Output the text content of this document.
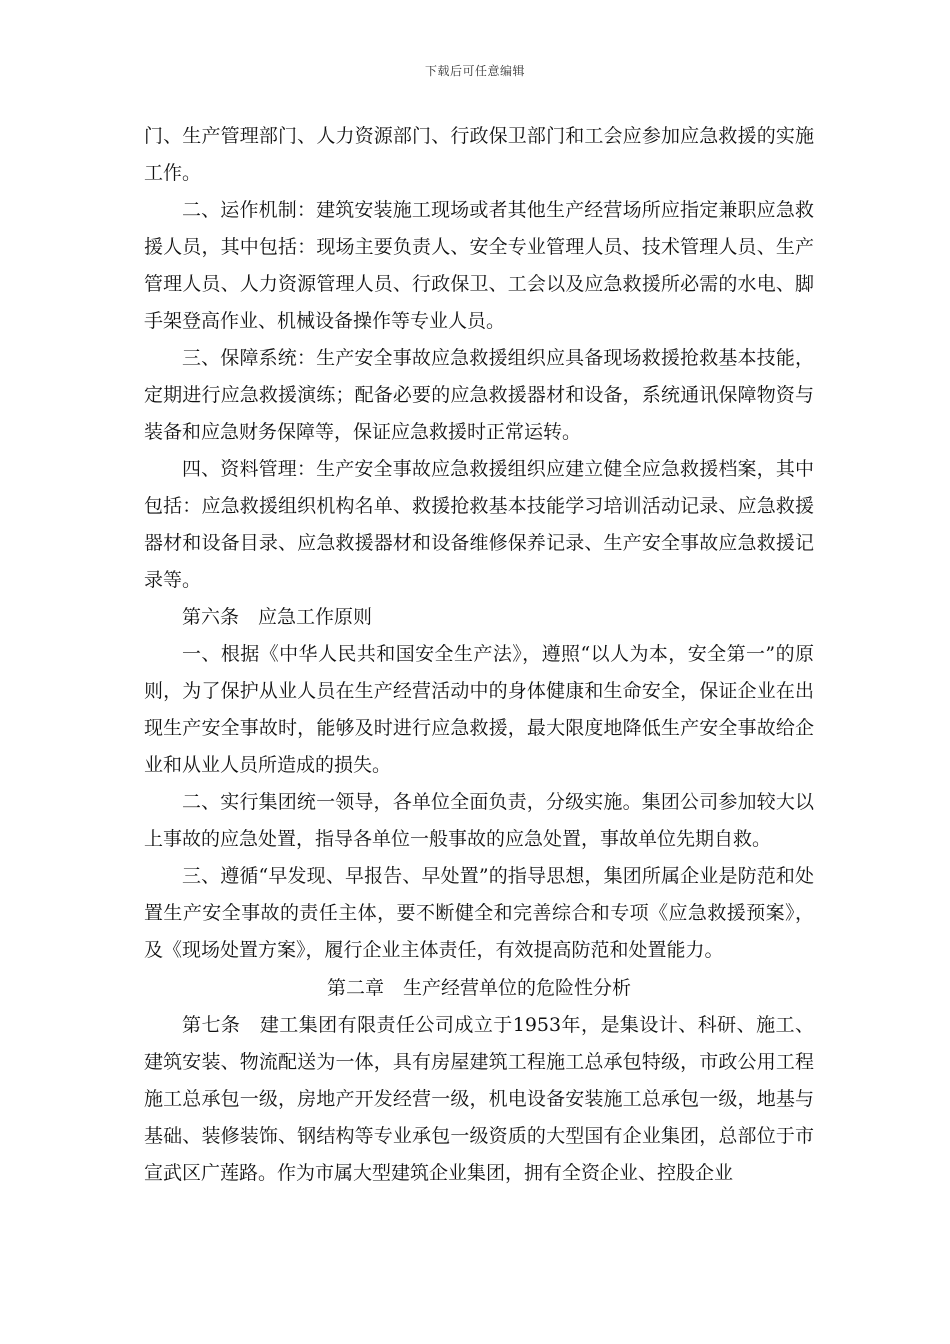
下载后可任意编辑

门、生产管理部门、人力资源部门、行政保卫部门和工会应参加应急救援的实施工作。

二、运作机制：建筑安装施工现场或者其他生产经营场所应指定兼职应急救援人员，其中包括：现场主要负责人、安全专业管理人员、技术管理人员、生产管理人员、人力资源管理人员、行政保卫、工会以及应急救援所必需的水电、脚手架登高作业、机械设备操作等专业人员。

三、保障系统：生产安全事故应急救援组织应具备现场救援抢救基本技能，定期进行应急救援演练；配备必要的应急救援器材和设备，系统通讯保障物资与装备和应急财务保障等，保证应急救援时正常运转。

四、资料管理：生产安全事故应急救援组织应建立健全应急救援档案，其中包括：应急救援组织机构名单、救援抢救基本技能学习培训活动记录、应急救援器材和设备目录、应急救援器材和设备维修保养记录、生产安全事故应急救援记录等。

第六条　应急工作原则

一、根据《中华人民共和国安全生产法》，遵照“以人为本，安全第一”的原则，为了保护从业人员在生产经营活动中的身体健康和生命安全，保证企业在出现生产安全事故时，能够及时进行应急救援，最大限度地降低生产安全事故给企业和从业人员所造成的损失。

二、实行集团统一领导，各单位全面负责，分级实施。集团公司参加较大以上事故的应急处置，指导各单位一般事故的应急处置，事故单位先期自救。

三、遵循“早发现、早报告、早处置”的指导思想，集团所属企业是防范和处置生产安全事故的责任主体，要不断健全和完善综合和专项《应急救援预案》，及《现场处置方案》，履行企业主体责任，有效提高防范和处置能力。

第二章　生产经营单位的危险性分析

第七条　建工集团有限责任公司成立于1953年，是集设计、科研、施工、建筑安装、物流配送为一体，具有房屋建筑工程施工总承包特级，市政公用工程施工总承包一级，房地产开发经营一级，机电设备安装施工总承包一级，地基与基础、装修装饰、钢结构等专业承包一级资质的大型国有企业集团，总部位于市宣武区广莲路。作为市属大型建筑企业集团，拥有全资企业、控股企业
